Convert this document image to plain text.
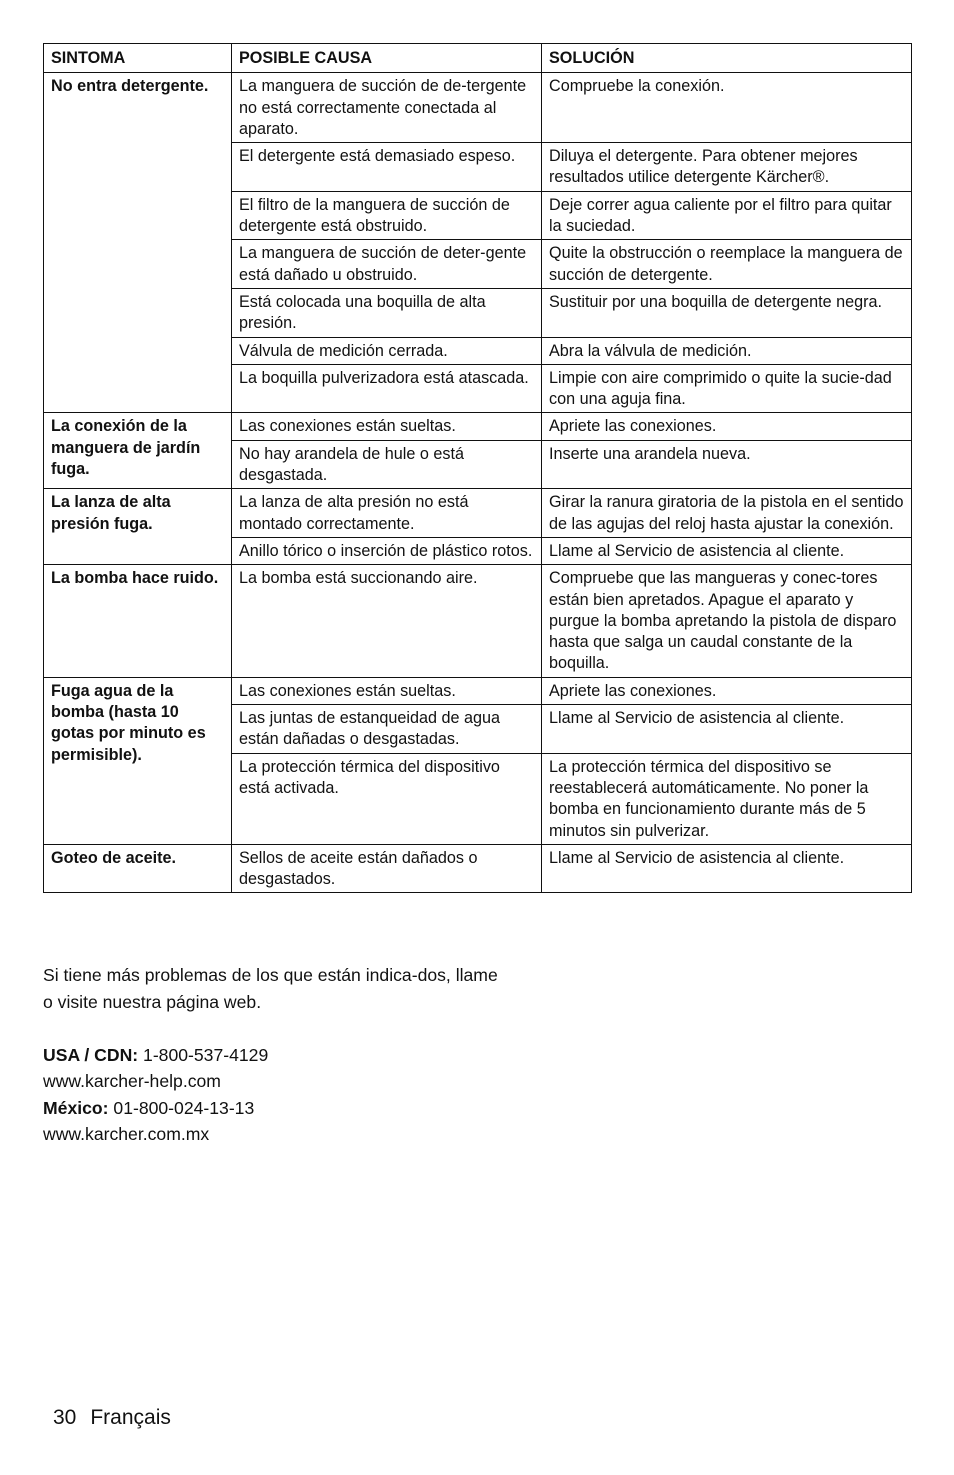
SINTOMA	POSIBLE CAUSA	SOLUCIÓN
No entra detergente.	La manguera de succión de de-tergente no está correctamente conectada al aparato.	Compruebe la conexión.
	El detergente está demasiado espeso.	Diluya el detergente. Para obtener mejores resultados utilice detergente Kärcher®.
	El filtro de la manguera de succión de detergente está obstruido.	Deje correr agua caliente por el filtro para quitar la suciedad.
	La manguera de succión de deter-gente está dañado u obstruido.	Quite la obstrucción o reemplace la manguera de succión de detergente.
	Está colocada una boquilla de alta presión.	Sustituir por una boquilla de detergente negra.
	Válvula de medición cerrada.	Abra la válvula de medición.
	La boquilla pulverizadora está atascada.	Limpie con aire comprimido o quite la sucie-dad con una aguja fina.
La conexión de la manguera de jardín fuga.	Las conexiones están sueltas.	Apriete las conexiones.
	No hay arandela de hule o está desgastada.	Inserte una arandela nueva.
La lanza de alta presión fuga.	La lanza de alta presión no está montado correctamente.	Girar la ranura giratoria de la pistola en el sentido de las agujas del reloj hasta ajustar la conexión.
	Anillo tórico o inserción de plástico rotos.	Llame al Servicio de asistencia al cliente.
La bomba hace ruido.	La bomba está succionando aire.	Compruebe que las mangueras y conec-tores están bien apretados. Apague el aparato y purgue la bomba apretando la pistola de disparo hasta que salga un caudal constante de la boquilla.
Fuga agua de la bomba (hasta 10 gotas por minuto es permisible).	Las conexiones están sueltas.	Apriete las conexiones.
	Las juntas de estanqueidad de agua están dañadas o desgastadas.	Llame al Servicio de asistencia al cliente.
	La protección térmica del dispositivo está activada.	La protección térmica del dispositivo se reestablecerá automáticamente. No poner la bomba en funcionamiento durante más de 5 minutos sin pulverizar.
Goteo de aceite.	Sellos de aceite están dañados o desgastados.	Llame al Servicio de asistencia al cliente.

Si tiene más problemas de los que están indica-dos, llame o visite nuestra página web.

USA / CDN: 1-800-537-4129

www.karcher-help.com

México: 01-800-024-13-13

www.karcher.com.mx

30 Français
